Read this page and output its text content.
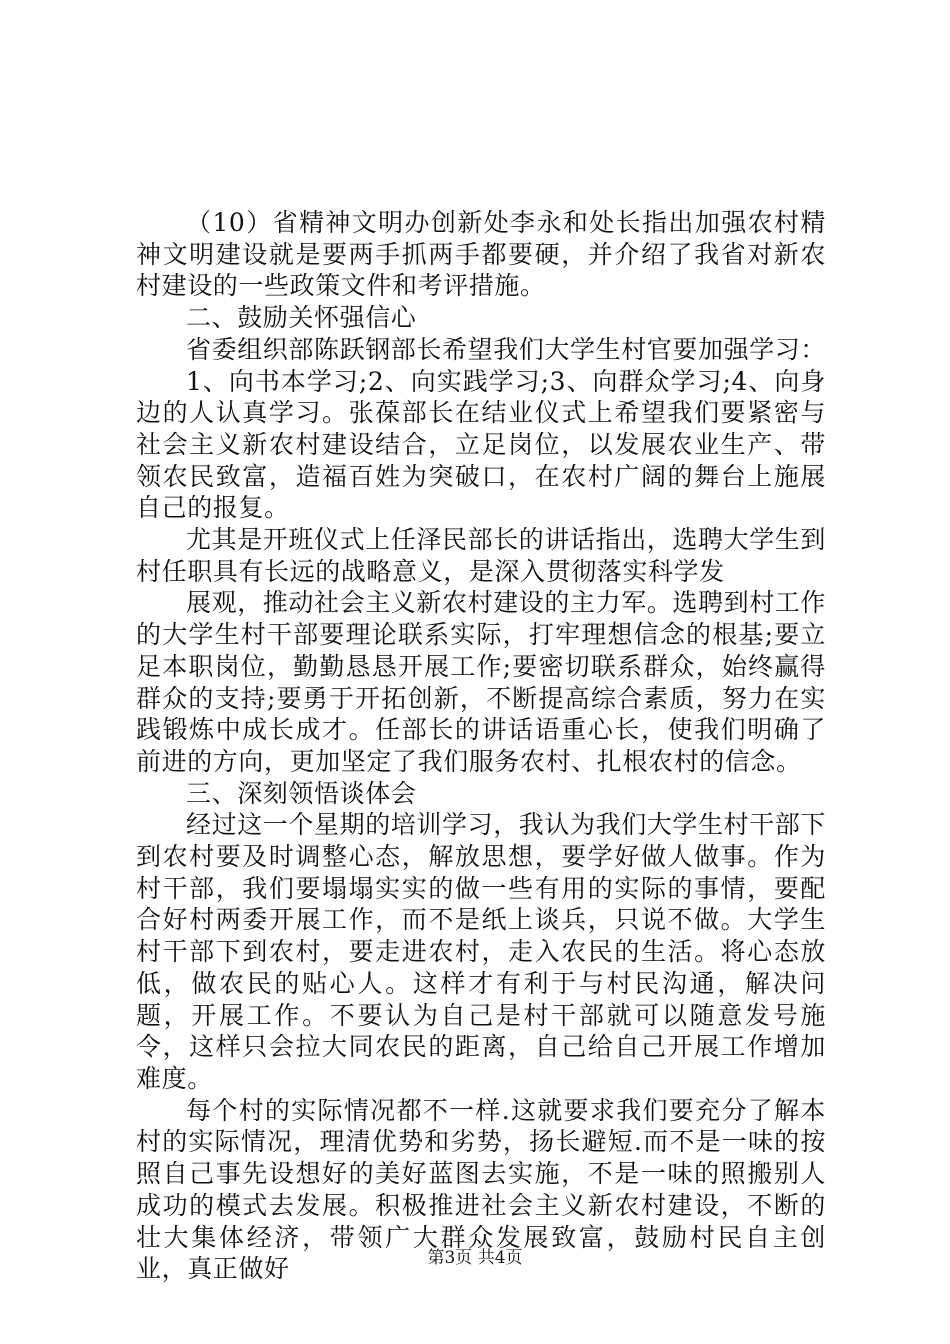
（10）省精神文明办创新处李永和处长指出加强农村精神文明建设就是要两手抓两手都要硬，并介绍了我省对新农村建设的一些政策文件和考评措施。

二、鼓励关怀强信心

省委组织部陈跃钢部长希望我们大学生村官要加强学习：

1、向书本学习;2、向实践学习;3、向群众学习;4、向身边的人认真学习。张葆部长在结业仪式上希望我们要紧密与社会主义新农村建设结合，立足岗位，以发展农业生产、带领农民致富，造福百姓为突破口，在农村广阔的舞台上施展自己的报复。

尤其是开班仪式上任泽民部长的讲话指出，选聘大学生到村任职具有长远的战略意义，是深入贯彻落实科学发

展观，推动社会主义新农村建设的主力军。选聘到村工作的大学生村干部要理论联系实际，打牢理想信念的根基;要立足本职岗位，勤勤恳恳开展工作;要密切联系群众，始终赢得群众的支持;要勇于开拓创新，不断提高综合素质，努力在实践锻炼中成长成才。任部长的讲话语重心长，使我们明确了前进的方向，更加坚定了我们服务农村、扎根农村的信念。

三、深刻领悟谈体会

经过这一个星期的培训学习，我认为我们大学生村干部下到农村要及时调整心态，解放思想，要学好做人做事。作为村干部，我们要塌塌实实的做一些有用的实际的事情，要配合好村两委开展工作，而不是纸上谈兵，只说不做。大学生村干部下到农村，要走进农村，走入农民的生活。将心态放低，做农民的贴心人。这样才有利于与村民沟通，解决问题，开展工作。不要认为自己是村干部就可以随意发号施令，这样只会拉大同农民的距离，自己给自己开展工作增加难度。

每个村的实际情况都不一样.这就要求我们要充分了解本村的实际情况，理清优势和劣势，扬长避短.而不是一味的按照自己事先设想好的美好蓝图去实施，不是一味的照搬别人成功的模式去发展。积极推进社会主义新农村建设，不断的壮大集体经济，带领广大群众发展致富，鼓励村民自主创业，真正做好	第3页 共4页
